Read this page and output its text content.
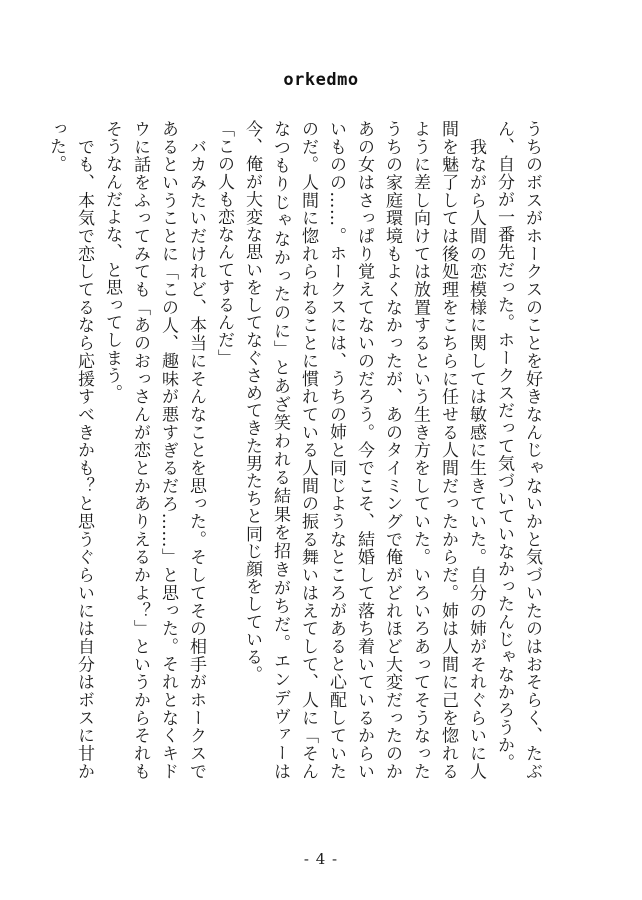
orkedmo

うちのボスがホークスのことを好きなんじゃないかと気づいたのはおそらく、たぶん、自分が一番先だった。ホークスだって気づいていなかったんじゃなかろうか。

　我ながら人間の恋模様に関しては敏感に生きていた。自分の姉がそれぐらいに人間を魅了しては後処理をこちらに任せる人間だったからだ。姉は人間に己を惚れるように差し向けては放置するという生き方をしていた。いろいろあってそうなったうちの家庭環境もよくなかったが、あのタイミングで俺がどれほど大変だったのかあの女はさっぱり覚えてないのだろう。今でこそ、結婚して落ち着いているからいいものの……。ホークスには、うちの姉と同じようなところがあると心配していたのだ。人間に惚れられることに慣れている人間の振る舞いはえてして、人に「そんなつもりじゃなかったのに」とあざ笑われる結果を招きがちだ。エンデヴァーは今、俺が大変な思いをしてなぐさめてきた男たちと同じ顔をしている。

「この人も恋なんてするんだ」

　バカみたいだけれど、本当にそんなことを思った。そしてその相手がホークスであるということに「この人、趣味が悪すぎるだろ……」と思った。それとなくキドウに話をふってみても「あのおっさんが恋とかありえるかよ？」というからそれもそうなんだよな、と思ってしまう。

　でも、本気で恋してるなら応援すべきかも？と思うぐらいには自分はボスに甘かった。

- 4 -
